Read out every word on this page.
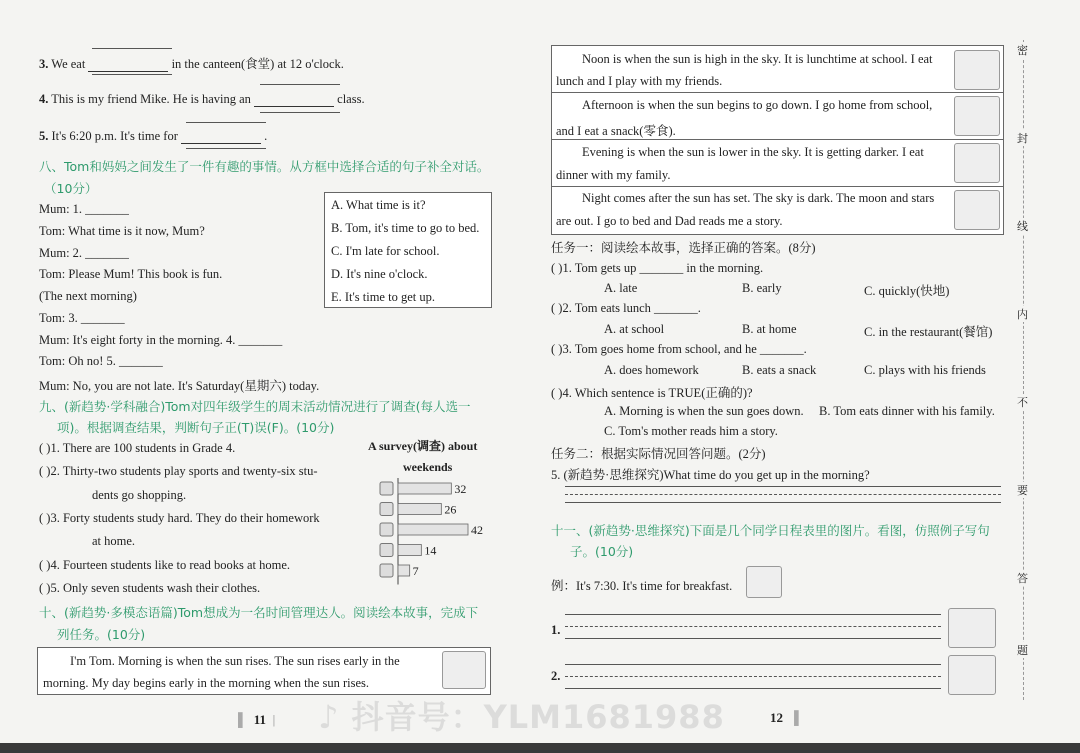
3. We eat	in the canteen(食堂) at 12 o'clock.
4. This is my friend Mike. He is having an	class.
5. It's 6:20 p.m. It's time for	.
八、Tom和妈妈之间发生了一件有趣的事情。从方框中选择合适的句子补全对话。
（10分）
A. What time is it?
B. Tom, it's time to go to bed.
C. I'm late for school.
D. It's nine o'clock.
E. It's time to get up.
Mum: 1. _______
Tom: What time is it now, Mum?
Mum: 2. _______
Tom: Please Mum! This book is fun.
(The next morning)
Tom: 3. _______
Mum: It's eight forty in the morning. 4. _______
Tom: Oh no! 5. _______
Mum: No, you are not late. It's Saturday(星期六) today.
九、(新趋势·学科融合)Tom对四年级学生的周末活动情况进行了调查(每人选一
项)。根据调查结果，判断句子正(T)误(F)。(10分)
( )1. There are 100 students in Grade 4.
( )2. Thirty-two students play sports and twenty-six stu-
dents go shopping.
( )3. Forty students study hard. They do their homework
at home.
( )4. Fourteen students like to read books at home.
( )5. Only seven students wash their clothes.
A survey(调查) about
weekends
32
26
42
14
7
十、(新趋势·多模态语篇)Tom想成为一名时间管理达人。阅读绘本故事，完成下
列任务。(10分)
I'm Tom. Morning is when the sun rises. The sun rises early in the
morning. My day begins early in the morning when the sun rises.
▌ 11 |
Noon is when the sun is high in the sky. It is lunchtime at school. I eat
lunch and I play with my friends.
Afternoon is when the sun begins to go down. I go home from school,
and I eat a snack(零食).
Evening is when the sun is lower in the sky. It is getting darker. I eat
dinner with my family.
Night comes after the sun has set. The sky is dark. The moon and stars
are out. I go to bed and Dad reads me a story.
任务一：阅读绘本故事，选择正确的答案。(8分)
( )1. Tom gets up _______ in the morning.
A. late	B. early	C. quickly(快地)
( )2. Tom eats lunch _______.
A. at school	B. at home	C. in the restaurant(餐馆)
( )3. Tom goes home from school, and he _______.
A. does homework	B. eats a snack	C. plays with his friends
( )4. Which sentence is TRUE(正确的)?
A. Morning is when the sun goes down. B. Tom eats dinner with his family.
C. Tom's mother reads him a story.
任务二：根据实际情况回答问题。(2分)
5. (新趋势·思维探究)What time do you get up in the morning?
十一、(新趋势·思维探究)下面是几个同学日程表里的图片。看图，仿照例子写句
子。(10分)
例：It's 7:30. It's time for breakfast.
1.
2.
12 ▐
密
封
线
内
不
要
答
题
♪ 抖音号：YLM1681988
